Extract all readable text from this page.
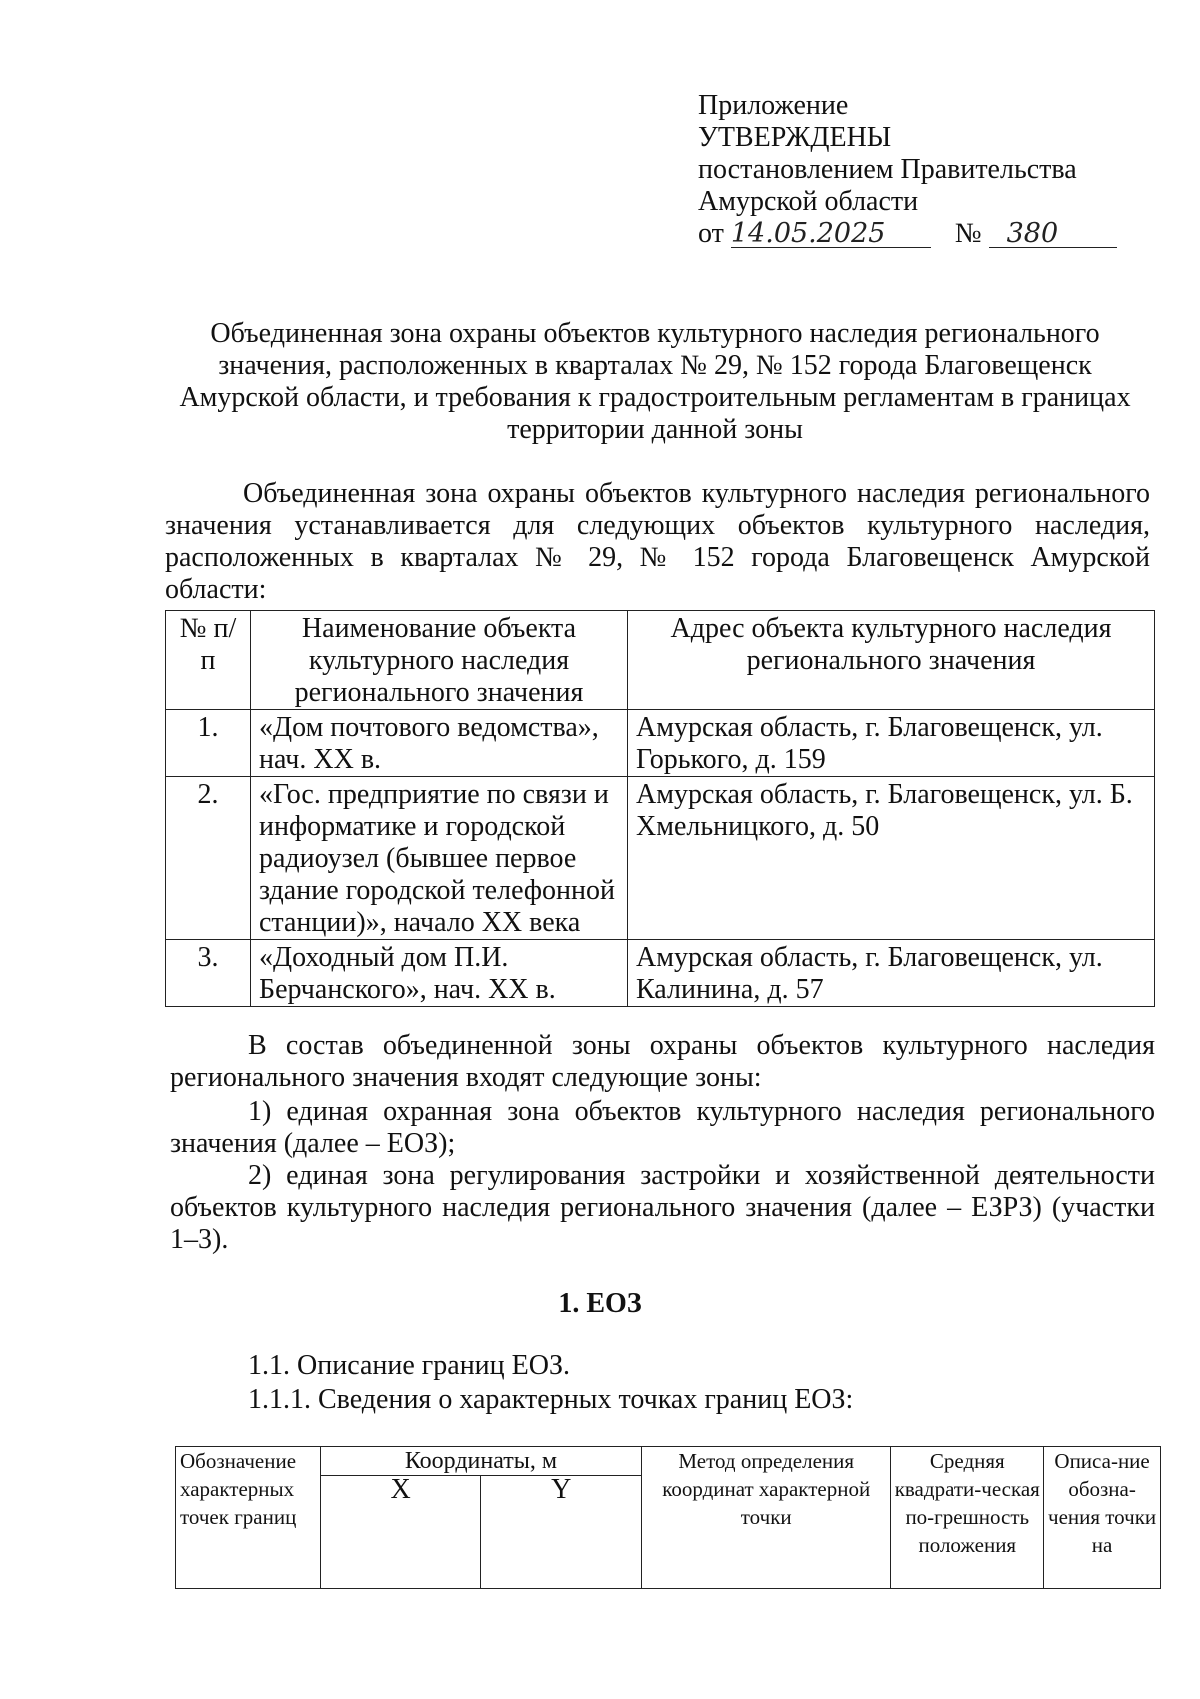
Приложение
УТВЕРЖДЕНЫ
постановлением Правительства
Амурской области
от 14.05.2025 № 380
Объединенная зона охраны объектов культурного наследия регионального значения, расположенных в кварталах № 29, № 152 города Благовещенск Амурской области, и требования к градостроительным регламентам в границах территории данной зоны
Объединенная зона охраны объектов культурного наследия регионального значения устанавливается для следующих объектов культурного наследия, расположенных в кварталах № 29, № 152 города Благовещенск Амурской области:
№ п/п	Наименование объекта культурного наследия регионального значения	Адрес объекта культурного наследия регионального значения
1.	«Дом почтового ведомства», нач. XX в.	Амурская область, г. Благовещенск, ул. Горького, д. 159
2.	«Гос. предприятие по связи и информатике и городской радиоузел (бывшее первое здание городской телефонной станции)», начало XX века	Амурская область, г. Благовещенск, ул. Б. Хмельницкого, д. 50
3.	«Доходный дом П.И. Берчанского», нач. XX в.	Амурская область, г. Благовещенск, ул. Калинина, д. 57
В состав объединенной зоны охраны объектов культурного наследия регионального значения входят следующие зоны:
1) единая охранная зона объектов культурного наследия регионального значения (далее – ЕОЗ);
2) единая зона регулирования застройки и хозяйственной деятельности объектов культурного наследия регионального значения (далее – ЕЗРЗ) (участки 1–3).
1. ЕОЗ
1.1. Описание границ ЕОЗ.
1.1.1. Сведения о характерных точках границ ЕОЗ:
Обозначение характерных точек границ	Координаты, м		Метод определения координат характерной точки	Средняя квадрати-ческая по-грешность положения	Описа-ние обозна-чения точки на
	X	Y			
